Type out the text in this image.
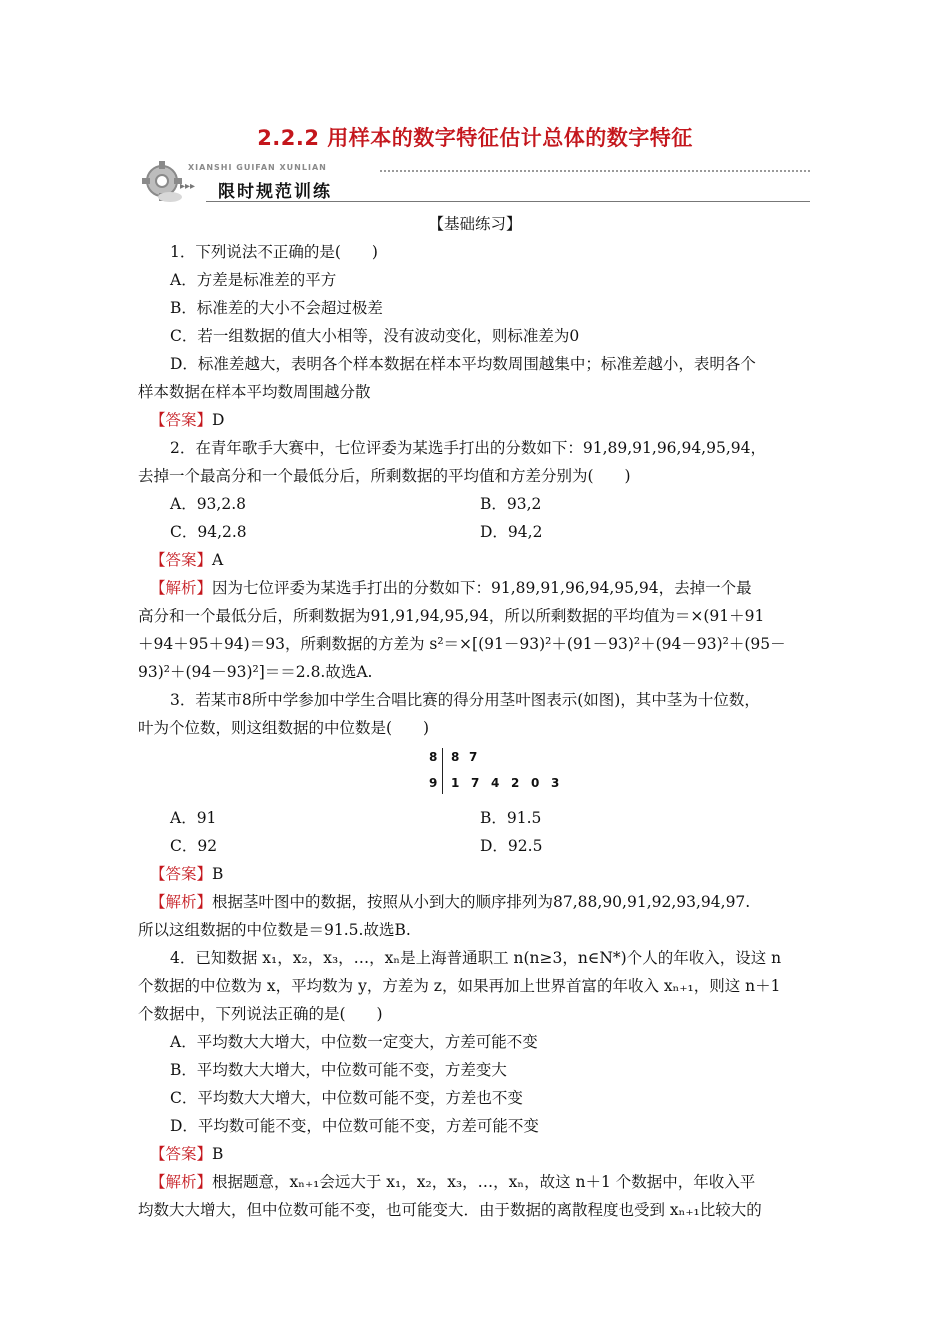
2.2.2 用样本的数字特征估计总体的数字特征
XIANSHI GUIFAN XUNLIAN
▸▸▸ 限时规范训练
【基础练习】
1．下列说法不正确的是(　　)
A．方差是标准差的平方
B．标准差的大小不会超过极差
C．若一组数据的值大小相等，没有波动变化，则标准差为0
D．标准差越大，表明各个样本数据在样本平均数周围越集中；标准差越小，表明各个
样本数据在样本平均数周围越分散
【答案】D
2．在青年歌手大赛中，七位评委为某选手打出的分数如下：91,89,91,96,94,95,94，
去掉一个最高分和一个最低分后，所剩数据的平均值和方差分别为(　　)
A．93,2.8	B．93,2
C．94,2.8	D．94,2
【答案】A
【解析】因为七位评委为某选手打出的分数如下：91,89,91,96,94,95,94，去掉一个最
高分和一个最低分后，所剩数据为91,91,94,95,94，所以所剩数据的平均值为＝×(91＋91
＋94＋95＋94)＝93，所剩数据的方差为 s²＝×[(91－93)²＋(91－93)²＋(94－93)²＋(95－
93)²＋(94－93)²]＝＝2.8.故选A.
3．若某市8所中学参加中学生合唱比赛的得分用茎叶图表示(如图)，其中茎为十位数，
叶为个位数，则这组数据的中位数是(　　)
8 8 7
9 1 7 4 2 0 3
A．91	B．91.5
C．92	D．92.5
【答案】B
【解析】根据茎叶图中的数据，按照从小到大的顺序排列为87,88,90,91,92,93,94,97.
所以这组数据的中位数是＝91.5.故选B.
4．已知数据 x₁，x₂，x₃，…，xₙ是上海普通职工 n(n≥3，n∈N*)个人的年收入，设这 n
个数据的中位数为 x，平均数为 y，方差为 z，如果再加上世界首富的年收入 xₙ₊₁，则这 n＋1
个数据中，下列说法正确的是(　　)
A．平均数大大增大，中位数一定变大，方差可能不变
B．平均数大大增大，中位数可能不变，方差变大
C．平均数大大增大，中位数可能不变，方差也不变
D．平均数可能不变，中位数可能不变，方差可能不变
【答案】B
【解析】根据题意，xₙ₊₁会远大于 x₁，x₂，x₃，…，xₙ，故这 n＋1 个数据中，年收入平
均数大大增大，但中位数可能不变，也可能变大．由于数据的离散程度也受到 xₙ₊₁比较大的
